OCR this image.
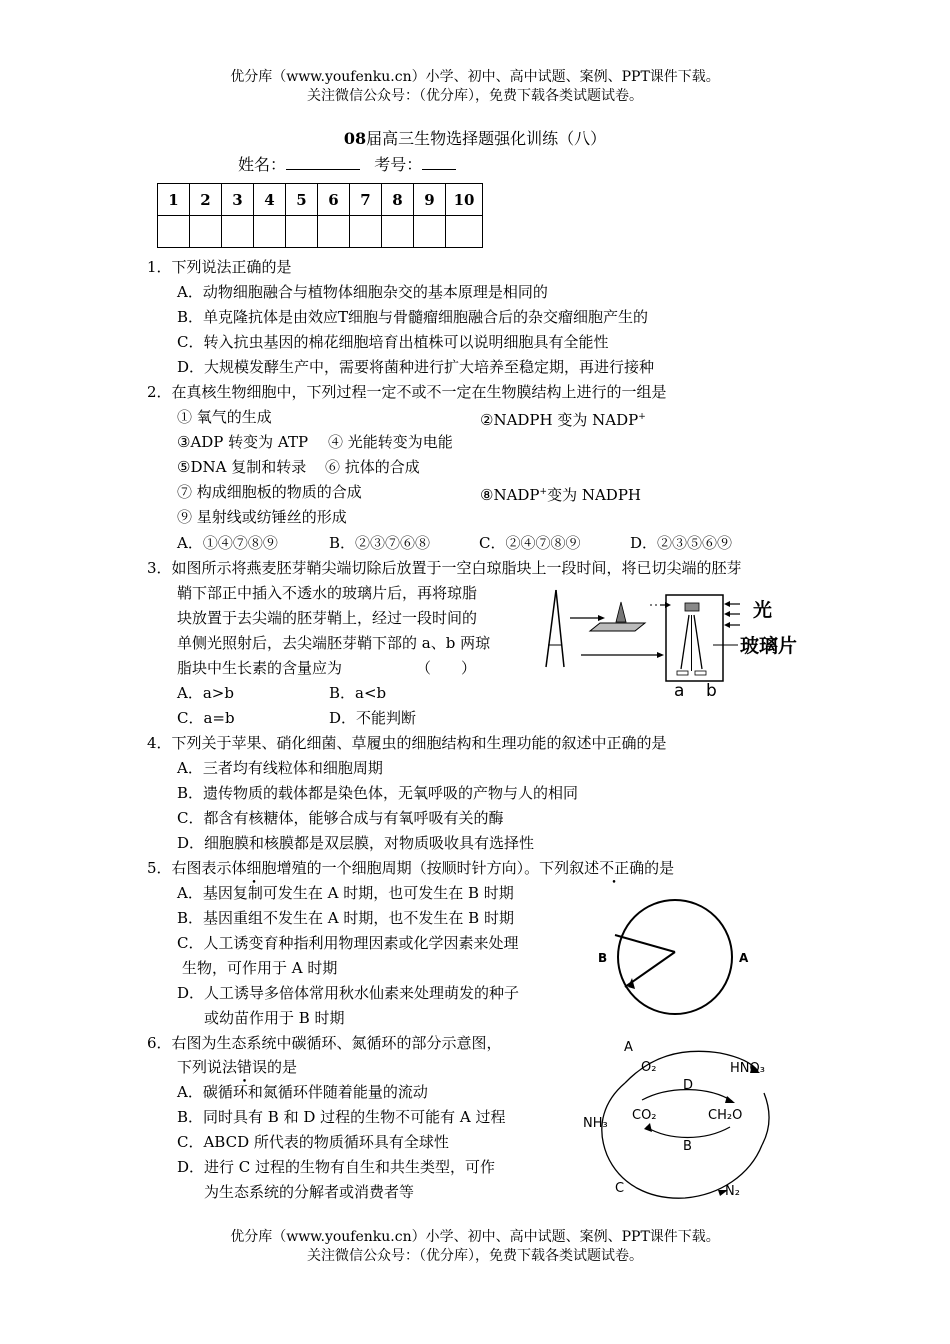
优分库（www.youfenku.cn）小学、初中、高中试题、案例、PPT课件下载。
关注微信公众号：（优分库），免费下载各类试题试卷。
08届高三生物选择题强化训练（八）
姓名：	考号：
1	2	3	4	5	6	7	8	9	10

1．下列说法正确的是
A．动物细胞融合与植物体细胞杂交的基本原理是相同的
B．单克隆抗体是由效应T细胞与骨髓瘤细胞融合后的杂交瘤细胞产生的
C．转入抗虫基因的棉花细胞培育出植株可以说明细胞具有全能性
D．大规模发酵生产中，需要将菌种进行扩大培养至稳定期，再进行接种
2．在真核生物细胞中，下列过程一定不或不一定在生物膜结构上进行的一组是
① 氧气的生成	②NADPH 变为 NADP+
③ADP 转变为 ATP ④ 光能转变为电能
⑤DNA 复制和转录 ⑥ 抗体的合成
⑦ 构成细胞板的物质的合成	⑧NADP+变为 NADPH
⑨ 星射线或纺锤丝的形成
A．①④⑦⑧⑨	B．②③⑦⑥⑧	C．②④⑦⑧⑨	D．②③⑤⑥⑨
3．如图所示将燕麦胚芽鞘尖端切除后放置于一空白琼脂块上一段时间，将已切尖端的胚芽
鞘下部正中插入不透水的玻璃片后，再将琼脂
块放置于去尖端的胚芽鞘上，经过一段时间的
单侧光照射后，去尖端胚芽鞘下部的 a、b 两琼
脂块中生长素的含量应为	（　　）
A．a>b	B．a<b
C．a=b	D．不能判断
光
玻璃片
a b
4．下列关于苹果、硝化细菌、草履虫的细胞结构和生理功能的叙述中正确的是
A．三者均有线粒体和细胞周期
B．遗传物质的载体都是染色体，无氧呼吸的产物与人的相同
C．都含有核糖体，能够合成与有氧呼吸有关的酶
D．细胞膜和核膜都是双层膜，对物质吸收具有选择性
5．右图表示体细胞增殖的一个细胞周期（按顺时针方向）。下列叙述不正确的是
A．基因复制可发生在 A 时期，也可发生在 B 时期
B．基因重组不发生在 A 时期，也不发生在 B 时期
C．人工诱变育种指利用物理因素或化学因素来处理
生物，可作用于 A 时期
D．人工诱导多倍体常用秋水仙素来处理萌发的种子
或幼苗作用于 B 时期
B	A
6．右图为生态系统中碳循环、氮循环的部分示意图，
下列说法错误的是
A．碳循环和氮循环伴随着能量的流动
B．同时具有 B 和 D 过程的生物不可能有 A 过程
C．ABCD 所代表的物质循环具有全球性
D．进行 C 过程的生物有自生和共生类型，可作
为生态系统的分解者或消费者等
A
O₂	HNO₃
D
CO₂	CH₂O
NH₃
B
C	N₂
优分库（www.youfenku.cn）小学、初中、高中试题、案例、PPT课件下载。
关注微信公众号：（优分库），免费下载各类试题试卷。
